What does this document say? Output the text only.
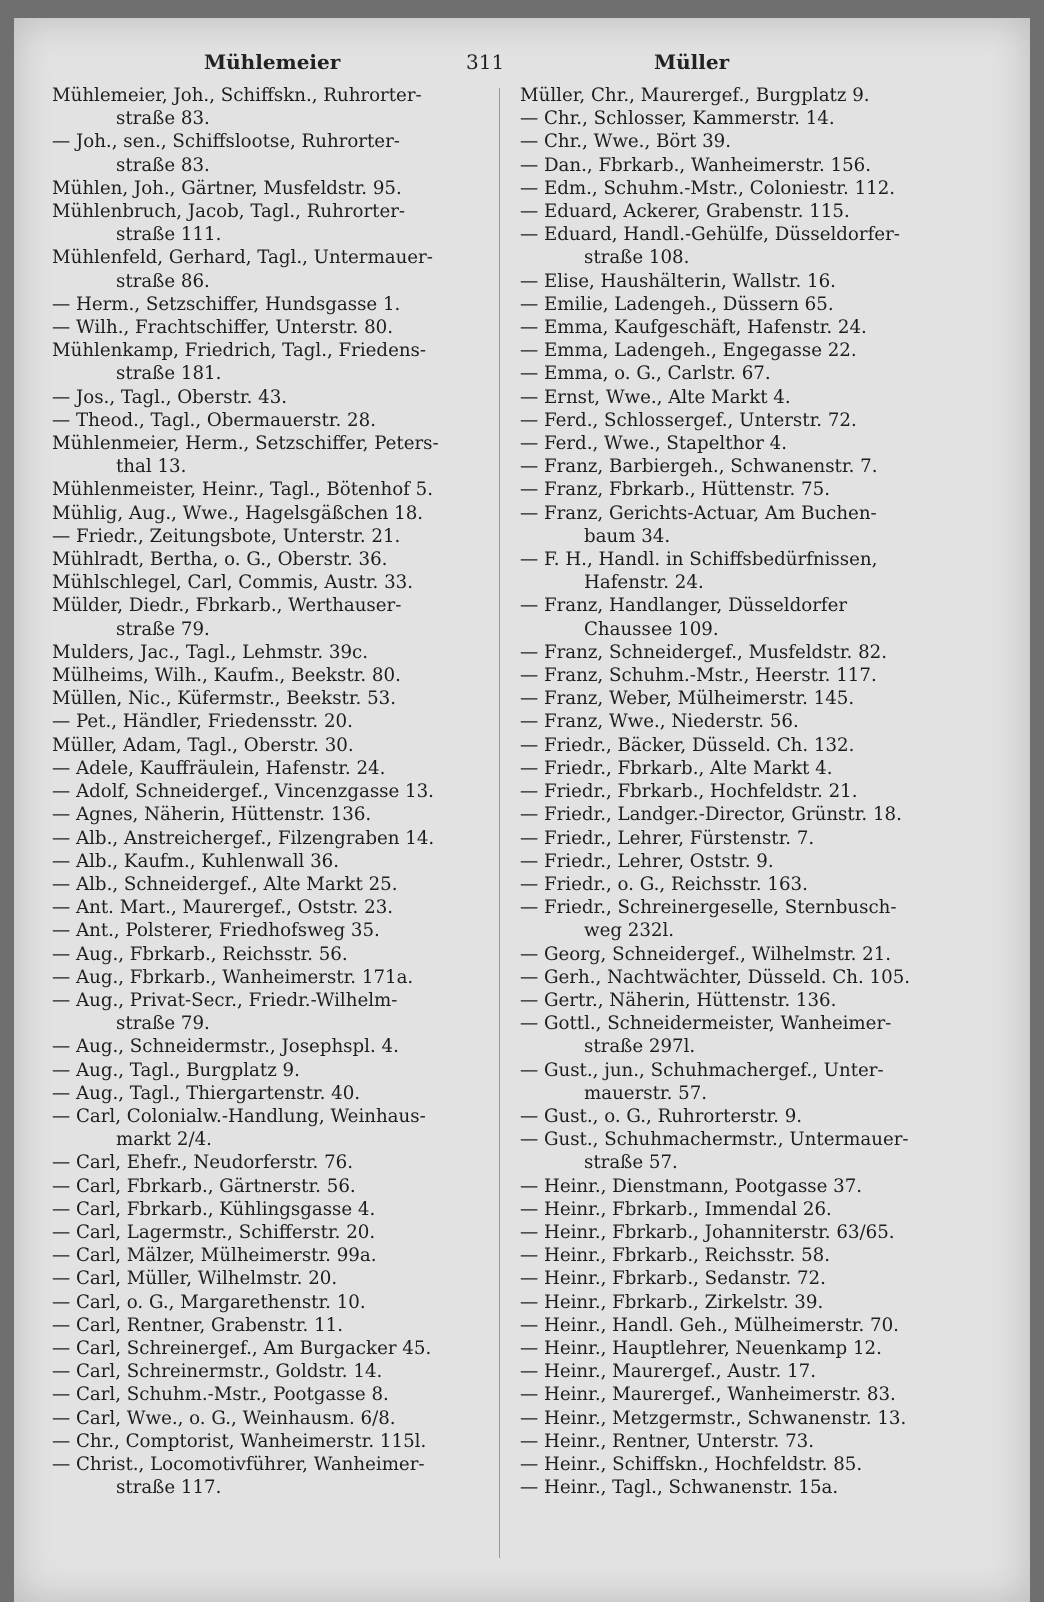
Mühlemeier	311	Müller

Mühlemeier, Joh., Schiffskn., Ruhrorter-
straße 83.

— Joh., sen., Schiffslootse, Ruhrorter-
straße 83.

Mühlen, Joh., Gärtner, Musfeldstr. 95.

Mühlenbruch, Jacob, Tagl., Ruhrorter-
straße 111.

Mühlenfeld, Gerhard, Tagl., Untermauer-
straße 86.

— Herm., Setzschiffer, Hundsgasse 1.

— Wilh., Frachtschiffer, Unterstr. 80.

Mühlenkamp, Friedrich, Tagl., Friedens-
straße 181.

— Jos., Tagl., Oberstr. 43.

— Theod., Tagl., Obermauerstr. 28.

Mühlenmeier, Herm., Setzschiffer, Peters-
thal 13.

Mühlenmeister, Heinr., Tagl., Bötenhof 5.

Mühlig, Aug., Wwe., Hagelsgäßchen 18.

— Friedr., Zeitungsbote, Unterstr. 21.

Mühlradt, Bertha, o. G., Oberstr. 36.

Mühlschlegel, Carl, Commis, Austr. 33.

Mülder, Diedr., Fbrkarb., Werthauser-
straße 79.

Mulders, Jac., Tagl., Lehmstr. 39c.

Mülheims, Wilh., Kaufm., Beekstr. 80.

Müllen, Nic., Küfermstr., Beekstr. 53.

— Pet., Händler, Friedensstr. 20.

Müller, Adam, Tagl., Oberstr. 30.

— Adele, Kauffräulein, Hafenstr. 24.

— Adolf, Schneidergef., Vincenzgasse 13.

— Agnes, Näherin, Hüttenstr. 136.

— Alb., Anstreichergef., Filzengraben 14.

— Alb., Kaufm., Kuhlenwall 36.

— Alb., Schneidergef., Alte Markt 25.

— Ant. Mart., Maurergef., Oststr. 23.

— Ant., Polsterer, Friedhofsweg 35.

— Aug., Fbrkarb., Reichsstr. 56.

— Aug., Fbrkarb., Wanheimerstr. 171a.

— Aug., Privat-Secr., Friedr.-Wilhelm-
straße 79.

— Aug., Schneidermstr., Josephspl. 4.

— Aug., Tagl., Burgplatz 9.

— Aug., Tagl., Thiergartenstr. 40.

— Carl, Colonialw.-Handlung, Weinhaus-
markt 2/4.

— Carl, Ehefr., Neudorferstr. 76.

— Carl, Fbrkarb., Gärtnerstr. 56.

— Carl, Fbrkarb., Kühlingsgasse 4.

— Carl, Lagermstr., Schifferstr. 20.

— Carl, Mälzer, Mülheimerstr. 99a.

— Carl, Müller, Wilhelmstr. 20.

— Carl, o. G., Margarethenstr. 10.

— Carl, Rentner, Grabenstr. 11.

— Carl, Schreinergef., Am Burgacker 45.

— Carl, Schreinermstr., Goldstr. 14.

— Carl, Schuhm.-Mstr., Pootgasse 8.

— Carl, Wwe., o. G., Weinhausm. 6/8.

— Chr., Comptorist, Wanheimerstr. 115l.

— Christ., Locomotivführer, Wanheimer-
straße 117.

Müller, Chr., Maurergef., Burgplatz 9.

— Chr., Schlosser, Kammerstr. 14.

— Chr., Wwe., Bört 39.

— Dan., Fbrkarb., Wanheimerstr. 156.

— Edm., Schuhm.-Mstr., Coloniestr. 112.

— Eduard, Ackerer, Grabenstr. 115.

— Eduard, Handl.-Gehülfe, Düsseldorfer-
straße 108.

— Elise, Haushälterin, Wallstr. 16.

— Emilie, Ladengeh., Düssern 65.

— Emma, Kaufgeschäft, Hafenstr. 24.

— Emma, Ladengeh., Engegasse 22.

— Emma, o. G., Carlstr. 67.

— Ernst, Wwe., Alte Markt 4.

— Ferd., Schlossergef., Unterstr. 72.

— Ferd., Wwe., Stapelthor 4.

— Franz, Barbiergeh., Schwanenstr. 7.

— Franz, Fbrkarb., Hüttenstr. 75.

— Franz, Gerichts-Actuar, Am Buchen-
baum 34.

— F. H., Handl. in Schiffsbedürfnissen,
Hafenstr. 24.

— Franz, Handlanger, Düsseldorfer
Chaussee 109.

— Franz, Schneidergef., Musfeldstr. 82.

— Franz, Schuhm.-Mstr., Heerstr. 117.

— Franz, Weber, Mülheimerstr. 145.

— Franz, Wwe., Niederstr. 56.

— Friedr., Bäcker, Düsseld. Ch. 132.

— Friedr., Fbrkarb., Alte Markt 4.

— Friedr., Fbrkarb., Hochfeldstr. 21.

— Friedr., Landger.-Director, Grünstr. 18.

— Friedr., Lehrer, Fürstenstr. 7.

— Friedr., Lehrer, Oststr. 9.

— Friedr., o. G., Reichsstr. 163.

— Friedr., Schreinergeselle, Sternbusch-
weg 232l.

— Georg, Schneidergef., Wilhelmstr. 21.

— Gerh., Nachtwächter, Düsseld. Ch. 105.

— Gertr., Näherin, Hüttenstr. 136.

— Gottl., Schneidermeister, Wanheimer-
straße 297l.

— Gust., jun., Schuhmachergef., Unter-
mauerstr. 57.

— Gust., o. G., Ruhrorterstr. 9.

— Gust., Schuhmachermstr., Untermauer-
straße 57.

— Heinr., Dienstmann, Pootgasse 37.

— Heinr., Fbrkarb., Immendal 26.

— Heinr., Fbrkarb., Johanniterstr. 63/65.

— Heinr., Fbrkarb., Reichsstr. 58.

— Heinr., Fbrkarb., Sedanstr. 72.

— Heinr., Fbrkarb., Zirkelstr. 39.

— Heinr., Handl. Geh., Mülheimerstr. 70.

— Heinr., Hauptlehrer, Neuenkamp 12.

— Heinr., Maurergef., Austr. 17.

— Heinr., Maurergef., Wanheimerstr. 83.

— Heinr., Metzgermstr., Schwanenstr. 13.

— Heinr., Rentner, Unterstr. 73.

— Heinr., Schiffskn., Hochfeldstr. 85.

— Heinr., Tagl., Schwanenstr. 15a.
